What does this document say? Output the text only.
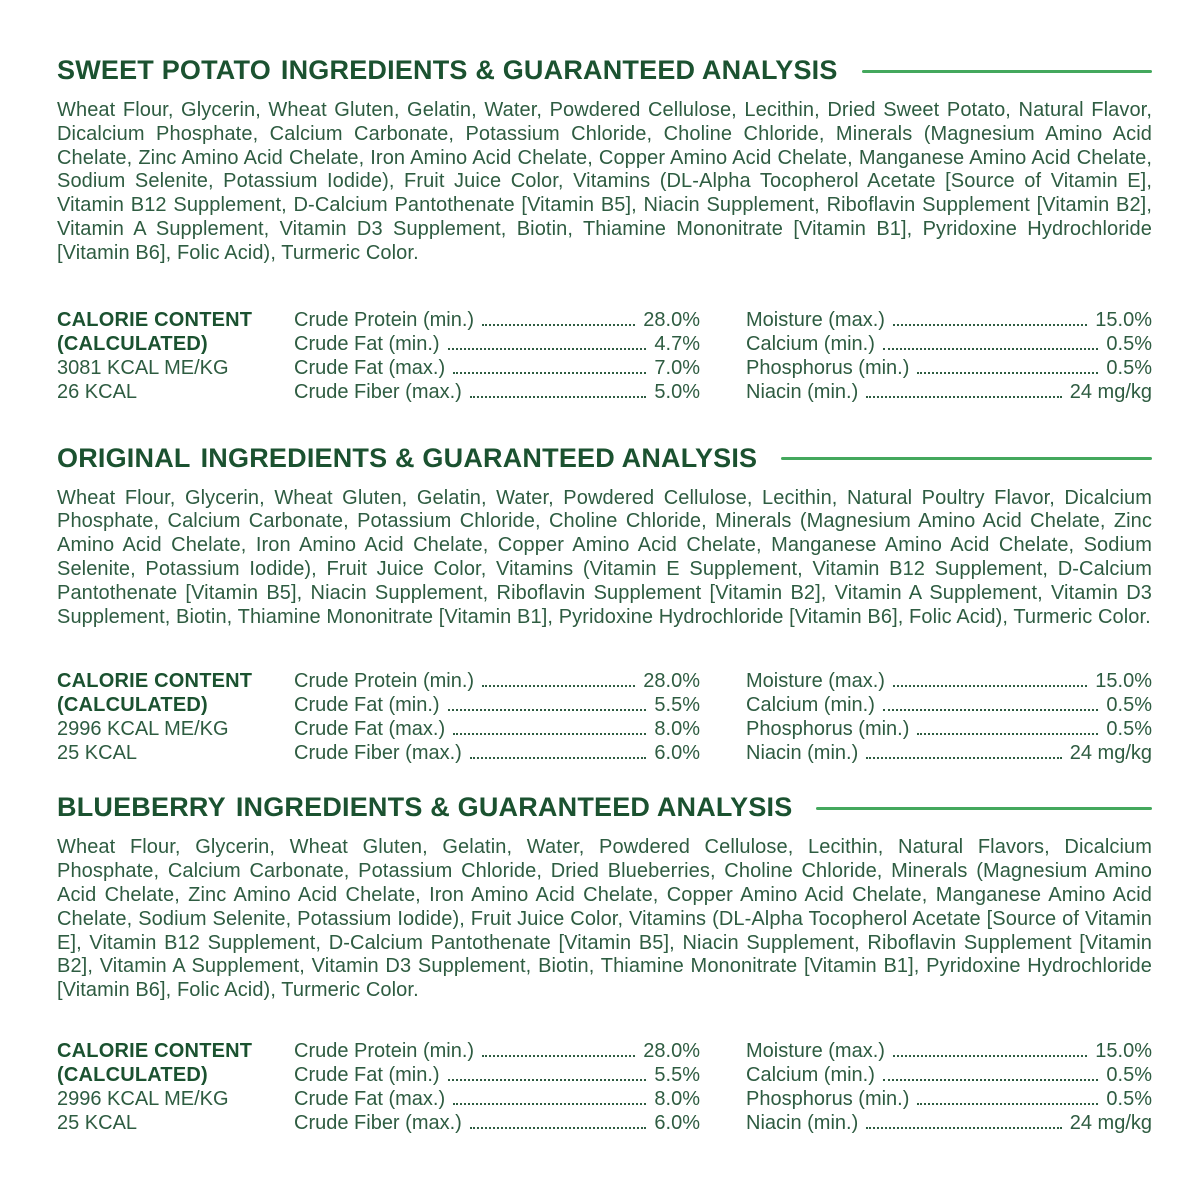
SWEET POTATO INGREDIENTS & GUARANTEED ANALYSIS

Wheat Flour, Glycerin, Wheat Gluten, Gelatin, Water, Powdered Cellulose, Lecithin, Dried Sweet Potato, Natural Flavor, Dicalcium Phosphate, Calcium Carbonate, Potassium Chloride, Choline Chloride, Minerals (Magnesium Amino Acid Chelate, Zinc Amino Acid Chelate, Iron Amino Acid Chelate, Copper Amino Acid Chelate, Manganese Amino Acid Chelate, Sodium Selenite, Potassium Iodide), Fruit Juice Color, Vitamins (DL-Alpha Tocopherol Acetate [Source of Vitamin E], Vitamin B12 Supplement, D-Calcium Pantothenate [Vitamin B5], Niacin Supplement, Riboflavin Supplement [Vitamin B2], Vitamin A Supplement, Vitamin D3 Supplement, Biotin, Thiamine Mononitrate [Vitamin B1], Pyridoxine Hydrochloride [Vitamin B6], Folic Acid), Turmeric Color.

CALORIE CONTENT
(CALCULATED)
3081 KCAL ME/KG
26 KCAL
Crude Protein (min.)	28.0%
Crude Fat (min.)	4.7%
Crude Fat (max.)	7.0%
Crude Fiber (max.)	5.0%
Moisture (max.)	15.0%
Calcium (min.)	0.5%
Phosphorus (min.)	0.5%
Niacin (min.)	24 mg/kg
ORIGINAL INGREDIENTS & GUARANTEED ANALYSIS

Wheat Flour, Glycerin, Wheat Gluten, Gelatin, Water, Powdered Cellulose, Lecithin, Natural Poultry Flavor, Dicalcium Phosphate, Calcium Carbonate, Potassium Chloride, Choline Chloride, Minerals (Magnesium Amino Acid Chelate, Zinc Amino Acid Chelate, Iron Amino Acid Chelate, Copper Amino Acid Chelate, Manganese Amino Acid Chelate, Sodium Selenite, Potassium Iodide), Fruit Juice Color, Vitamins (Vitamin E Supplement, Vitamin B12 Supplement, D-Calcium Pantothenate [Vitamin B5], Niacin Supplement, Riboflavin Supplement [Vitamin B2], Vitamin A Supplement, Vitamin D3 Supplement, Biotin, Thiamine Mononitrate [Vitamin B1], Pyridoxine Hydrochloride [Vitamin B6], Folic Acid), Turmeric Color.

CALORIE CONTENT
(CALCULATED)
2996 KCAL ME/KG
25 KCAL
Crude Protein (min.)	28.0%
Crude Fat (min.)	5.5%
Crude Fat (max.)	8.0%
Crude Fiber (max.)	6.0%
Moisture (max.)	15.0%
Calcium (min.)	0.5%
Phosphorus (min.)	0.5%
Niacin (min.)	24 mg/kg
BLUEBERRY INGREDIENTS & GUARANTEED ANALYSIS

Wheat Flour, Glycerin, Wheat Gluten, Gelatin, Water, Powdered Cellulose, Lecithin, Natural Flavors, Dicalcium Phosphate, Calcium Carbonate, Potassium Chloride, Dried Blueberries, Choline Chloride, Minerals (Magnesium Amino Acid Chelate, Zinc Amino Acid Chelate, Iron Amino Acid Chelate, Copper Amino Acid Chelate, Manganese Amino Acid Chelate, Sodium Selenite, Potassium Iodide), Fruit Juice Color, Vitamins (DL-Alpha Tocopherol Acetate [Source of Vitamin E], Vitamin B12 Supplement, D-Calcium Pantothenate [Vitamin B5], Niacin Supplement, Riboflavin Supplement [Vitamin B2], Vitamin A Supplement, Vitamin D3 Supplement, Biotin, Thiamine Mononitrate [Vitamin B1], Pyridoxine Hydrochloride [Vitamin B6], Folic Acid), Turmeric Color.

CALORIE CONTENT
(CALCULATED)
2996 KCAL ME/KG
25 KCAL
Crude Protein (min.)	28.0%
Crude Fat (min.)	5.5%
Crude Fat (max.)	8.0%
Crude Fiber (max.)	6.0%
Moisture (max.)	15.0%
Calcium (min.)	0.5%
Phosphorus (min.)	0.5%
Niacin (min.)	24 mg/kg
